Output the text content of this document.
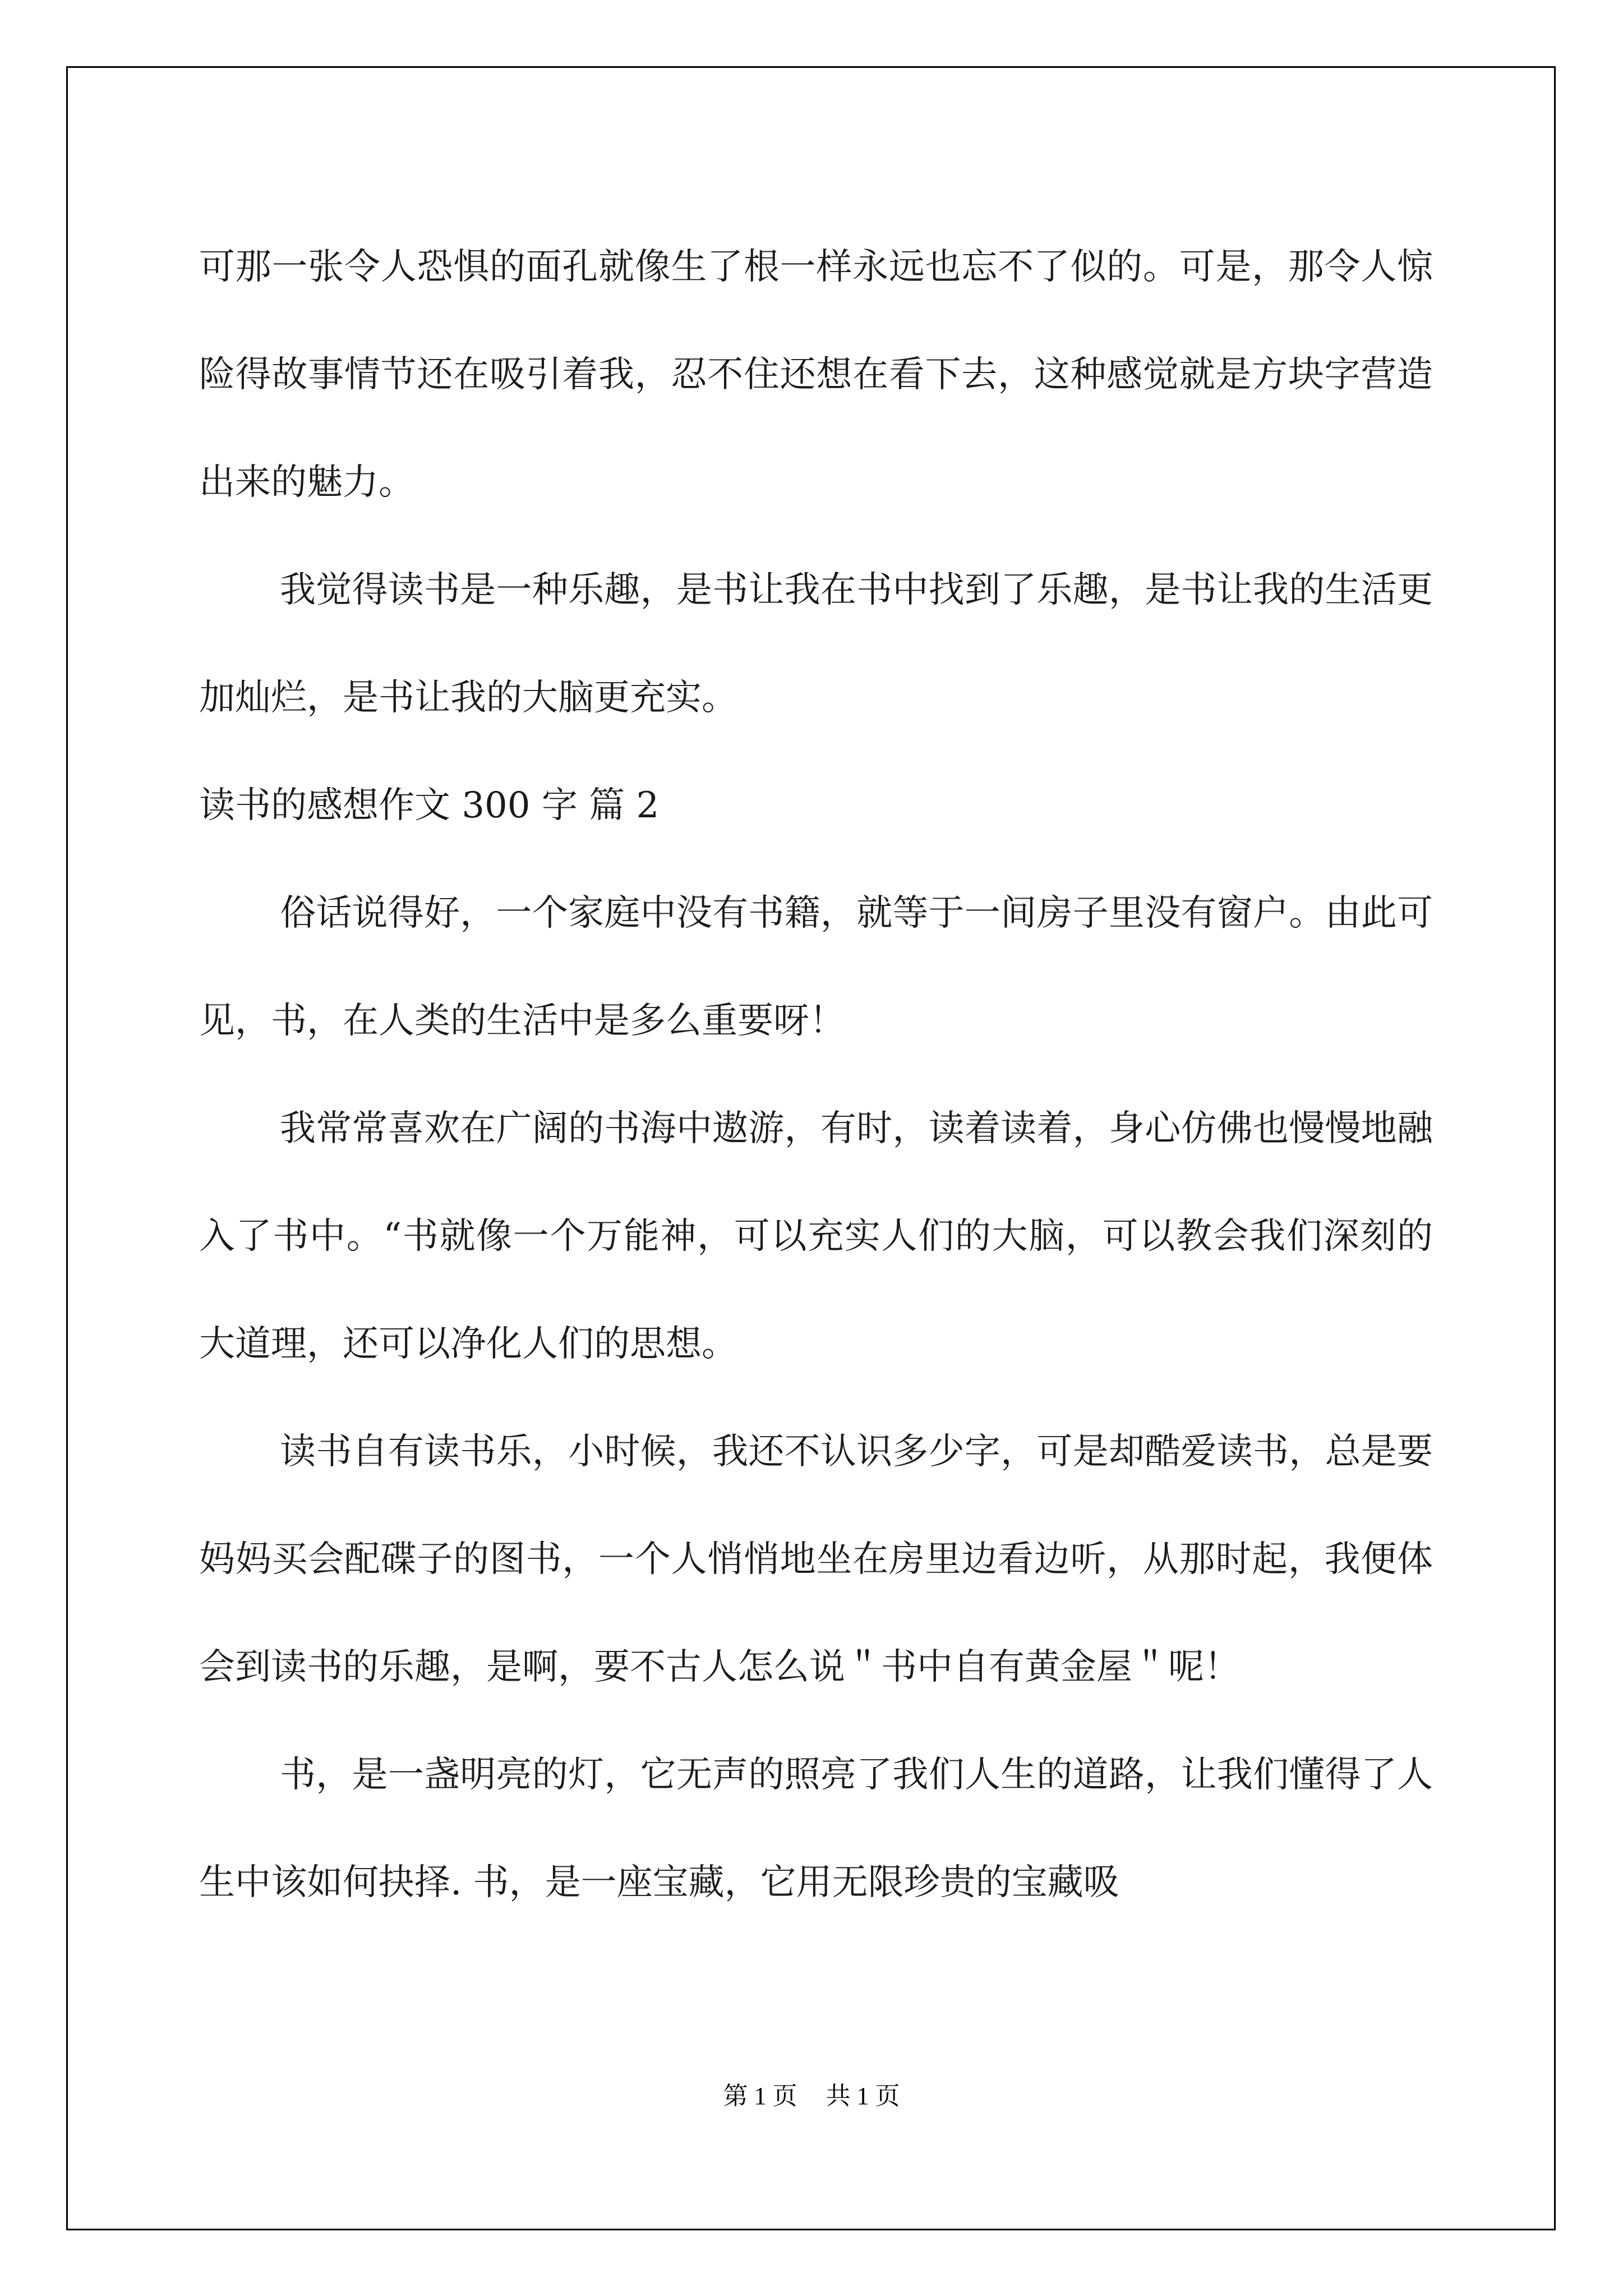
可那一张令人恐惧的面孔就像生了根一样永远也忘不了似的。可是，那令人惊险得故事情节还在吸引着我，忍不住还想在看下去，这种感觉就是方块字营造出来的魅力。

我觉得读书是一种乐趣，是书让我在书中找到了乐趣，是书让我的生活更加灿烂，是书让我的大脑更充实。

读书的感想作文 300 字 篇 2

俗话说得好，一个家庭中没有书籍，就等于一间房子里没有窗户。由此可见，书，在人类的生活中是多么重要呀！

我常常喜欢在广阔的书海中遨游，有时，读着读着，身心仿佛也慢慢地融入了书中。“书就像一个万能神，可以充实人们的大脑，可以教会我们深刻的大道理，还可以净化人们的思想。

读书自有读书乐，小时候，我还不认识多少字，可是却酷爱读书，总是要妈妈买会配碟子的图书，一个人悄悄地坐在房里边看边听，从那时起，我便体会到读书的乐趣，是啊，要不古人怎么说＂书中自有黄金屋＂呢！

书，是一盏明亮的灯，它无声的照亮了我们人生的道路，让我们懂得了人生中该如何抉择. 书，是一座宝藏，它用无限珍贵的宝藏吸

第 1 页 共 1 页
